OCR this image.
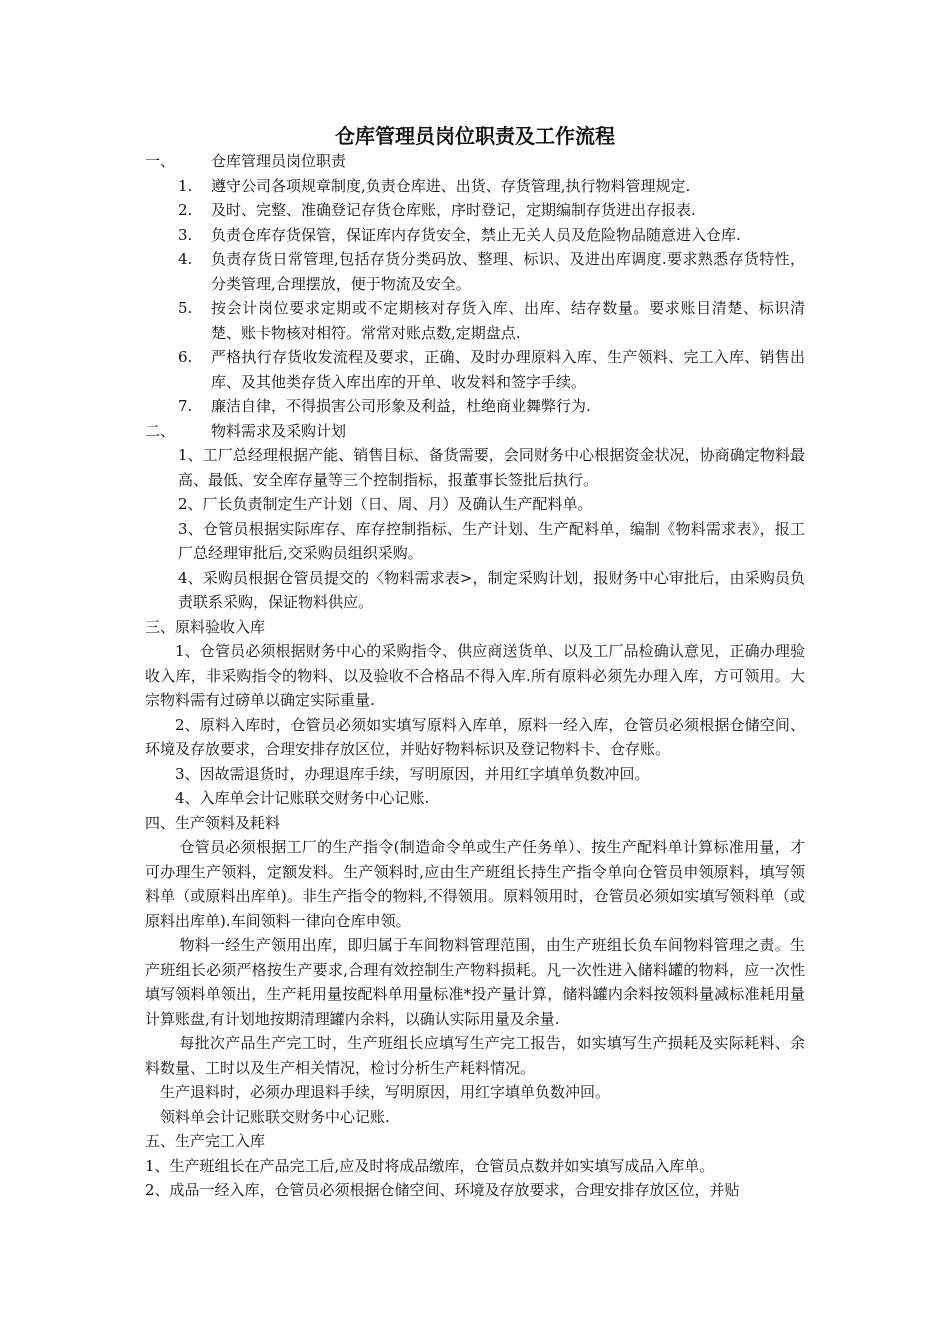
仓库管理员岗位职责及工作流程
一、 仓库管理员岗位职责
1. 遵守公司各项规章制度,负责仓库进、出货、存货管理,执行物料管理规定.
2. 及时、完整、准确登记存货仓库账，序时登记，定期编制存货进出存报表.
3. 负责仓库存货保管，保证库内存货安全，禁止无关人员及危险物品随意进入仓库.
4. 负责存货日常管理,包括存货分类码放、整理、标识、及进出库调度.要求熟悉存货特性，分类管理,合理摆放，便于物流及安全。
5. 按会计岗位要求定期或不定期核对存货入库、出库、结存数量。要求账目清楚、标识清楚、账卡物核对相符。常常对账点数,定期盘点.
6. 严格执行存货收发流程及要求，正确、及时办理原料入库、生产领料、完工入库、销售出库、及其他类存货入库出库的开单、收发料和签字手续。
7. 廉洁自律，不得损害公司形象及利益，杜绝商业舞弊行为.
二、 物料需求及采购计划
1、工厂总经理根据产能、销售目标、备货需要，会同财务中心根据资金状况，协商确定物料最高、最低、安全库存量等三个控制指标，报董事长签批后执行。
2、厂长负责制定生产计划（日、周、月）及确认生产配料单。
3、仓管员根据实际库存、库存控制指标、生产计划、生产配料单，编制《物料需求表》，报工厂总经理审批后,交采购员组织采购。
4、采购员根据仓管员提交的〈物料需求表>，制定采购计划，报财务中心审批后，由采购员负责联系采购，保证物料供应。
三、原料验收入库
1、仓管员必须根据财务中心的采购指令、供应商送货单、以及工厂品检确认意见，正确办理验收入库，非采购指令的物料、以及验收不合格品不得入库.所有原料必须先办理入库，方可领用。大宗物料需有过磅单以确定实际重量.
2、原料入库时，仓管员必须如实填写原料入库单，原料一经入库，仓管员必须根据仓储空间、环境及存放要求，合理安排存放区位，并贴好物料标识及登记物料卡、仓存账。
3、因故需退货时，办理退库手续，写明原因，并用红字填单负数冲回。
4、入库单会计记账联交财务中心记账.
四、生产领料及耗料
仓管员必须根据工厂的生产指令(制造命令单或生产任务单）、按生产配料单计算标准用量，才可办理生产领料，定额发料。生产领料时,应由生产班组长持生产指令单向仓管员申领原料，填写领料单（或原料出库单)。非生产指令的物料,不得领用。原料领用时，仓管员必须如实填写领料单（或原料出库单).车间领料一律向仓库申领。
物料一经生产领用出库，即归属于车间物料管理范围，由生产班组长负车间物料管理之责。生产班组长必须严格按生产要求,合理有效控制生产物料损耗。凡一次性进入储料罐的物料，应一次性填写领料单领出，生产耗用量按配料单用量标准*投产量计算，储料罐内余料按领料量减标准耗用量计算账盘,有计划地按期清理罐内余料，以确认实际用量及余量.
每批次产品生产完工时，生产班组长应填写生产完工报告，如实填写生产损耗及实际耗料、余料数量、工时以及生产相关情况，检讨分析生产耗料情况。
生产退料时，必须办理退料手续，写明原因，用红字填单负数冲回。
领料单会计记账联交财务中心记账.
五、生产完工入库
1、生产班组长在产品完工后,应及时将成品缴库，仓管员点数并如实填写成品入库单。
2、成品一经入库，仓管员必须根据仓储空间、环境及存放要求，合理安排存放区位，并贴
